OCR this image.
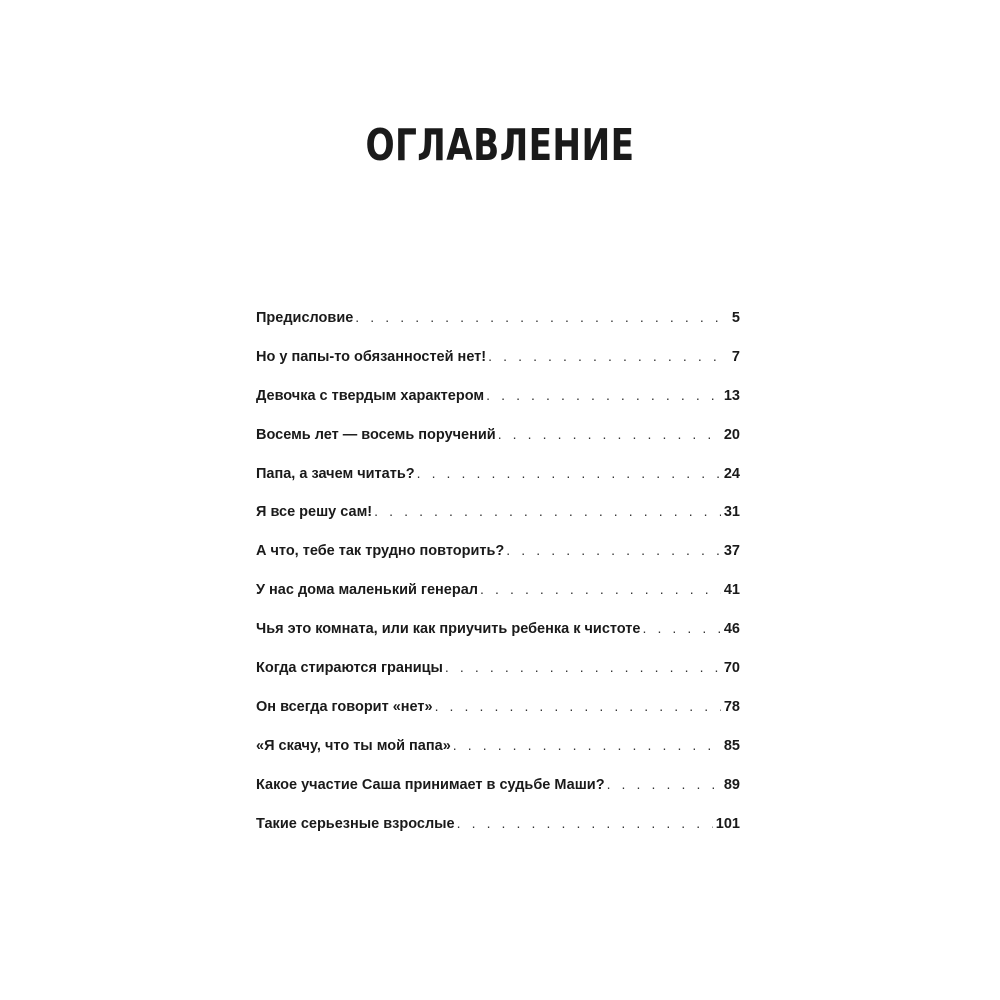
ОГЛАВЛЕНИЕ
Предисловие . . .	5
Но у папы-то обязанностей нет! . . .	7
Девочка с твердым характером . . .	13
Восемь лет — восемь поручений . . .	20
Папа, а зачем читать? . . .	24
Я все решу сам! . . .	31
А что, тебе так трудно повторить? . . .	37
У нас дома маленький генерал . . .	41
Чья это комната, или как приучить ребенка к чистоте . . .	46
Когда стираются границы . . .	70
Он всегда говорит «нет» . . .	78
«Я скачу, что ты мой папа» . . .	85
Какое участие Саша принимает в судьбе Маши? . . .	89
Такие серьезные взрослые . . .	101
